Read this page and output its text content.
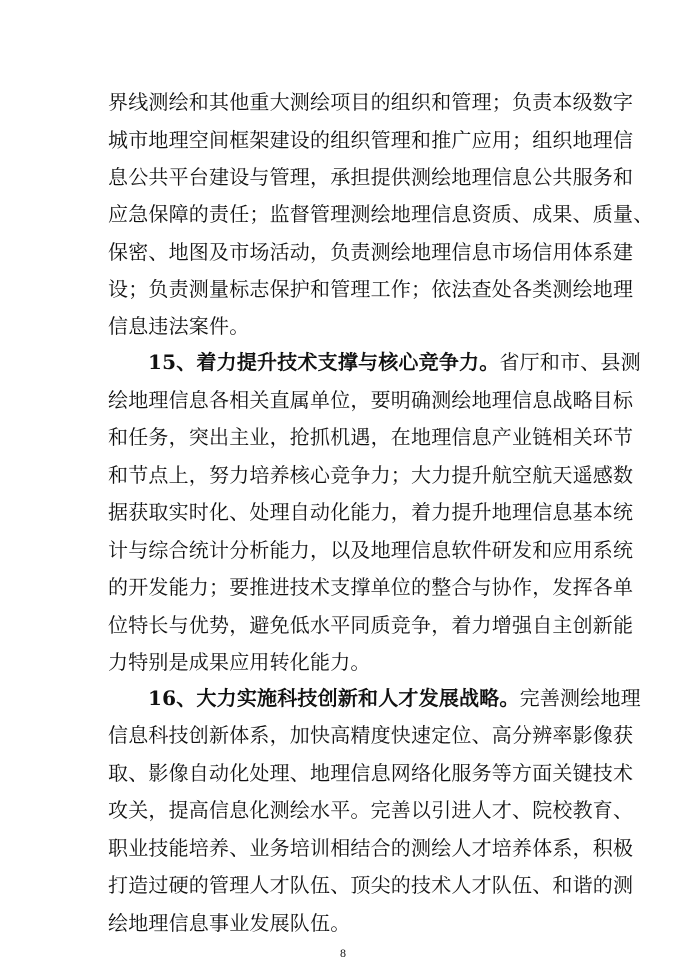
界线测绘和其他重大测绘项目的组织和管理；负责本级数字
城市地理空间框架建设的组织管理和推广应用；组织地理信
息公共平台建设与管理，承担提供测绘地理信息公共服务和
应急保障的责任；监督管理测绘地理信息资质、成果、质量、
保密、地图及市场活动，负责测绘地理信息市场信用体系建
设；负责测量标志保护和管理工作；依法查处各类测绘地理
信息违法案件。
15、着力提升技术支撑与核心竞争力。省厅和市、县测
绘地理信息各相关直属单位，要明确测绘地理信息战略目标
和任务，突出主业，抢抓机遇，在地理信息产业链相关环节
和节点上，努力培养核心竞争力；大力提升航空航天遥感数
据获取实时化、处理自动化能力，着力提升地理信息基本统
计与综合统计分析能力，以及地理信息软件研发和应用系统
的开发能力；要推进技术支撑单位的整合与协作，发挥各单
位特长与优势，避免低水平同质竞争，着力增强自主创新能
力特别是成果应用转化能力。
16、大力实施科技创新和人才发展战略。完善测绘地理
信息科技创新体系，加快高精度快速定位、高分辨率影像获
取、影像自动化处理、地理信息网络化服务等方面关键技术
攻关，提高信息化测绘水平。完善以引进人才、院校教育、
职业技能培养、业务培训相结合的测绘人才培养体系，积极
打造过硬的管理人才队伍、顶尖的技术人才队伍、和谐的测
绘地理信息事业发展队伍。
8
